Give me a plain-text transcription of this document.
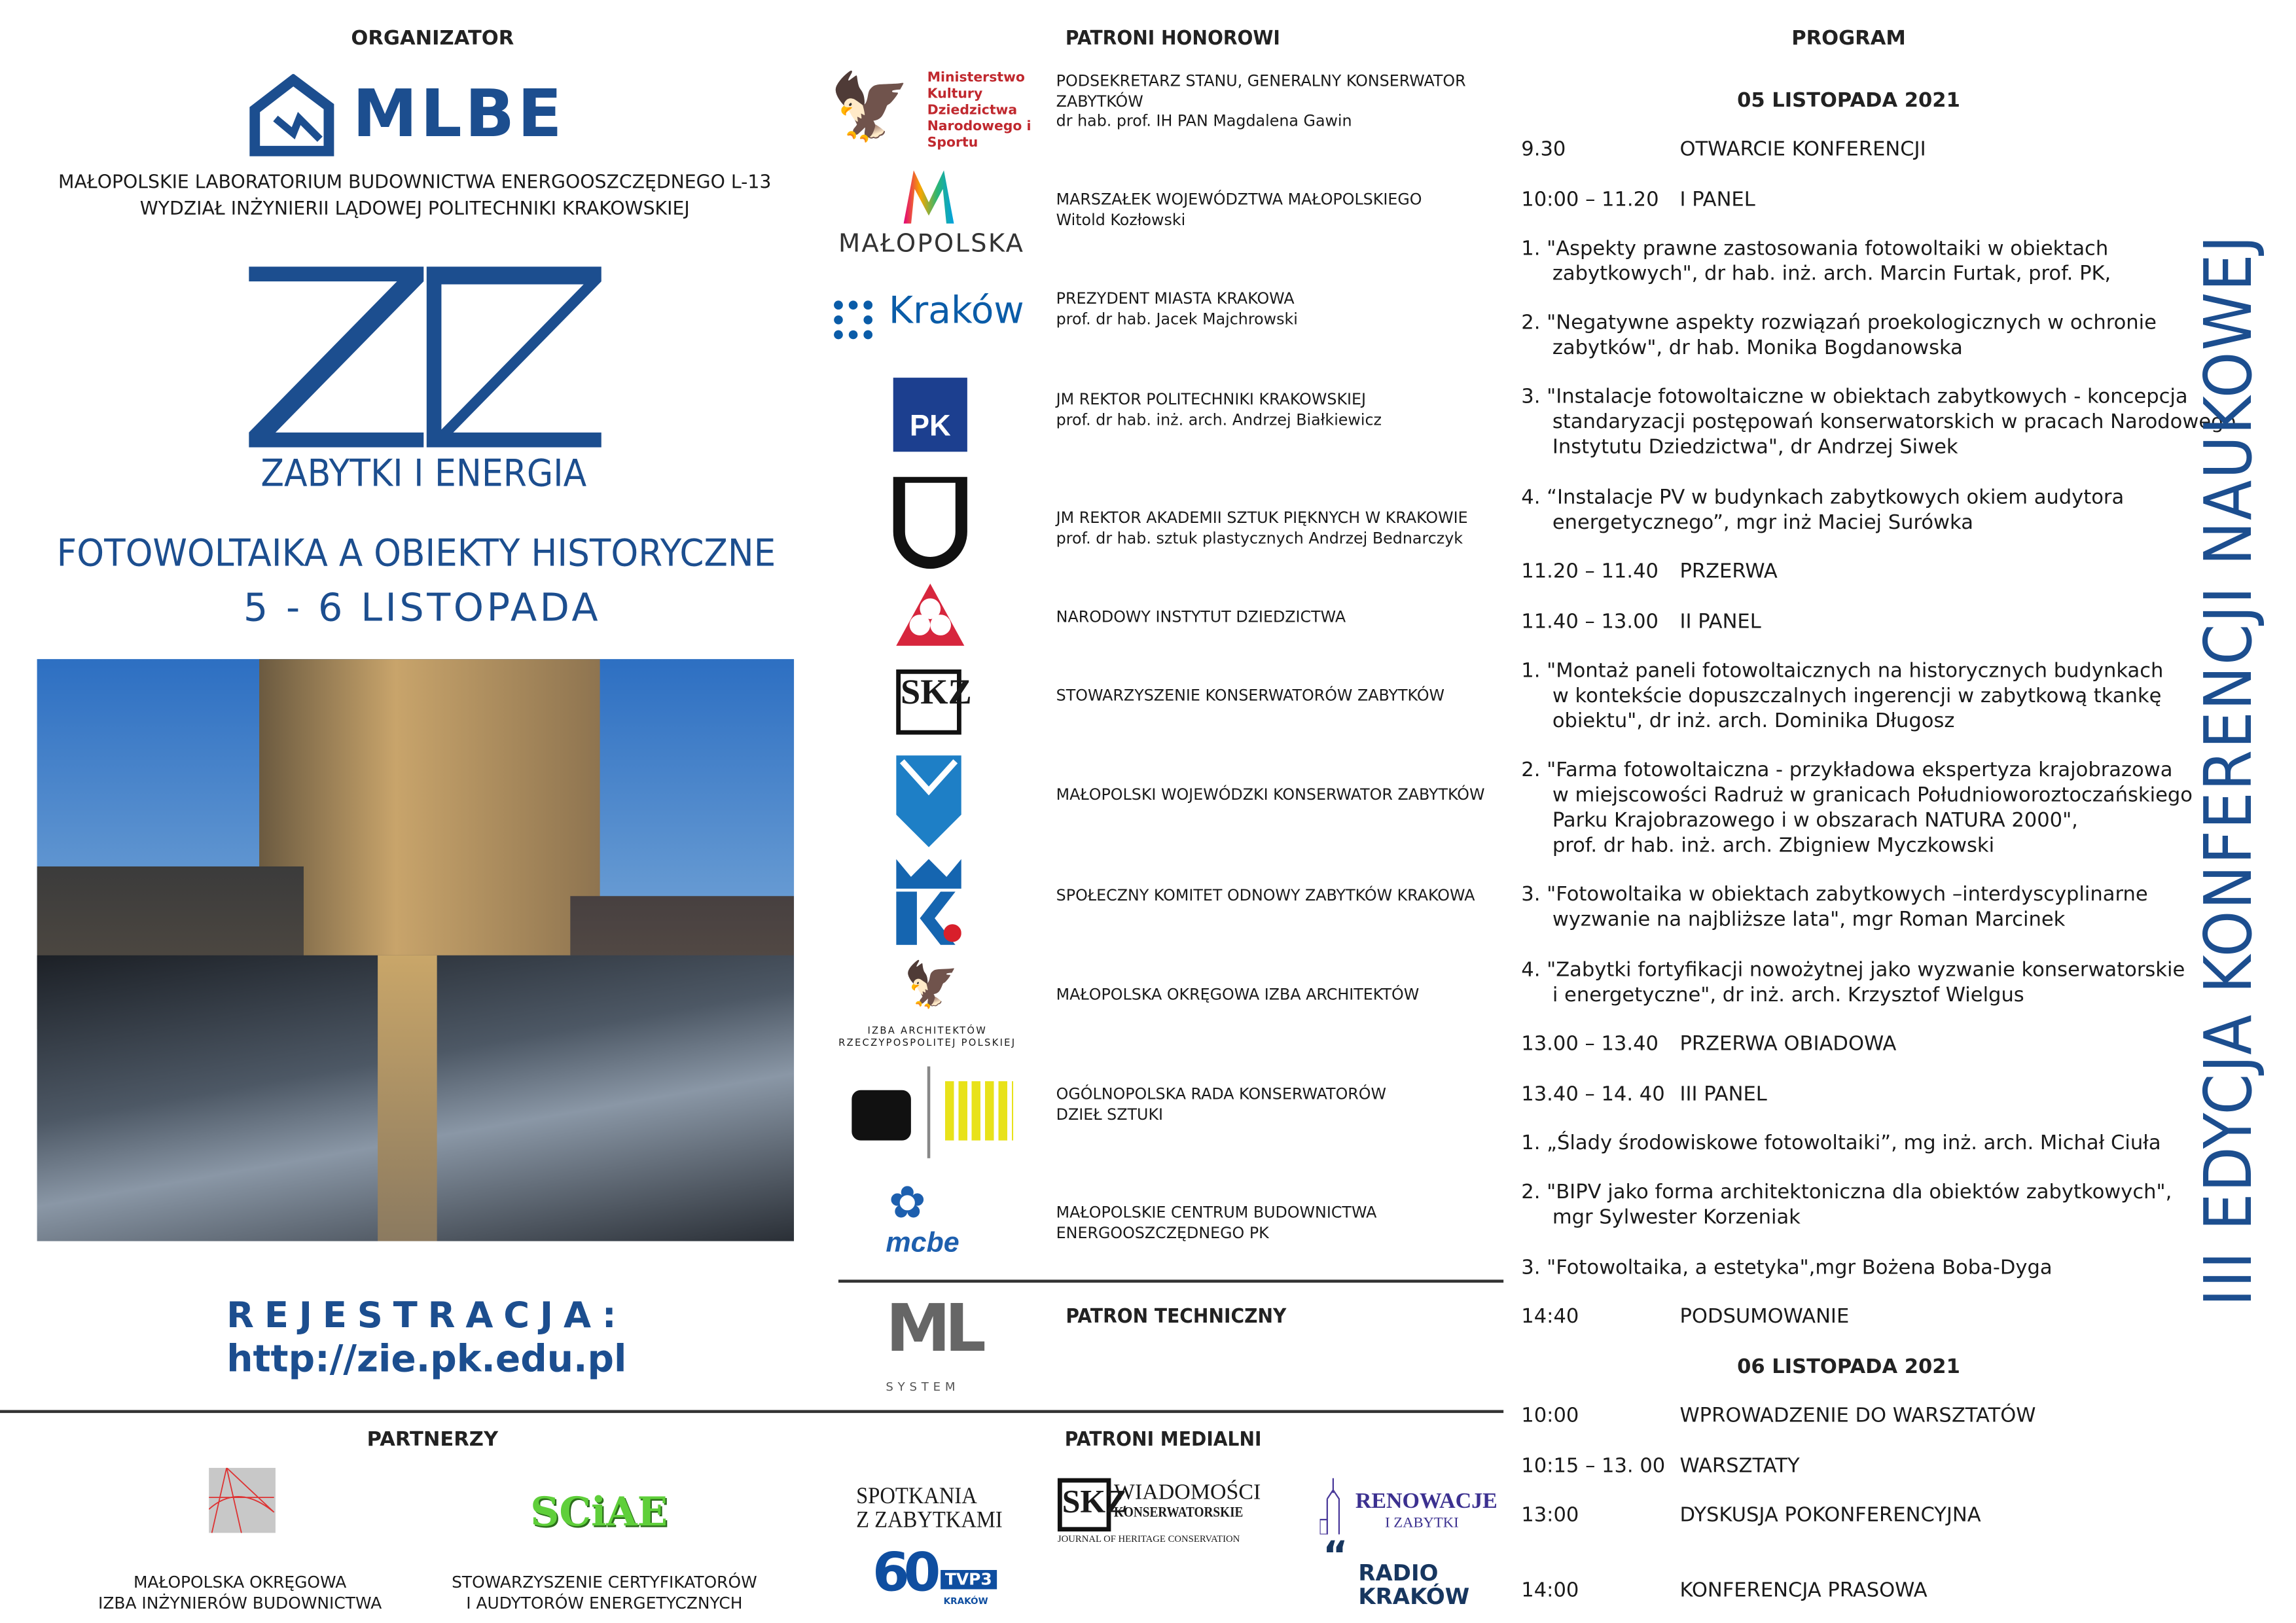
ORGANIZATOR
MLBE
MAŁOPOLSKIE LABORATORIUM BUDOWNICTWA ENERGOOSZCZĘDNEGO L-13
WYDZIAŁ INŻYNIERII LĄDOWEJ POLITECHNIKI KRAKOWSKIEJ
ZABYTKI I ENERGIA
FOTOWOLTAIKA A OBIEKTY HISTORYCZNE
5 - 6 LISTOPADA
REJESTRACJA:
http://zie.pk.edu.pl
PATRONI HONOROWI
PODSEKRETARZ STANU, GENERALNY KONSERWATOR
ZABYTKÓW
dr hab. prof. IH PAN Magdalena Gawin
🦅	Ministerstwo Kultury Dziedzictwa Narodowego i Sportu
MARSZAŁEK WOJEWÓDZTWA MAŁOPOLSKIEGO
Witold Kozłowski
MAŁOPOLSKA
PREZYDENT MIASTA KRAKOWA
prof. dr hab. Jacek Majchrowski
Kraków
JM REKTOR POLITECHNIKI KRAKOWSKIEJ
prof. dr hab. inż. arch. Andrzej Białkiewicz
PK
JM REKTOR AKADEMII SZTUK PIĘKNYCH W KRAKOWIE
prof. dr hab. sztuk plastycznych Andrzej Bednarczyk
NARODOWY INSTYTUT DZIEDZICTWA
STOWARZYSZENIE KONSERWATORÓW ZABYTKÓW
SKZ
MAŁOPOLSKI WOJEWÓDZKI KONSERWATOR ZABYTKÓW
SPOŁECZNY KOMITET ODNOWY ZABYTKÓW KRAKOWA
MAŁOPOLSKA OKRĘGOWA IZBA ARCHITEKTÓW
🦅
IZBA ARCHITEKTÓW RZECZYPOSPOLITEJ POLSKIEJ
OGÓLNOPOLSKA RADA KONSERWATORÓW
DZIEŁ SZTUKI
MAŁOPOLSKIE CENTRUM BUDOWNICTWA
ENERGOOSZCZĘDNEGO PK
✿
mcbe
PATRON TECHNICZNY
ML
SYSTEM
PARTNERZY
SCiAE
MAŁOPOLSKA OKRĘGOWA
IZBA INŻYNIERÓW BUDOWNICTWA
STOWARZYSZENIE CERTYFIKATORÓW
I AUDYTORÓW ENERGETYCZNYCH
PATRONI MEDIALNI
SPOTKANIA
Z ZABYTKAMI
SKZ
WIADOMOŚCI
KONSERWATORSKIE
JOURNAL OF HERITAGE CONSERVATION
RENOWACJE
I ZABYTKI
60	TVP3
KRAKÓW
“ RADIO
KRAKÓW
PROGRAM
05 LISTOPADA 2021
06 LISTOPADA 2021
9.30	OTWARCIE KONFERENCJI
10:00 – 11.20 I PANEL
1. "Aspekty prawne zastosowania fotowoltaiki w obiektach
zabytkowych", dr hab. inż. arch. Marcin Furtak, prof. PK,
2. "Negatywne aspekty rozwiązań proekologicznych w ochronie
zabytków", dr hab. Monika Bogdanowska
3. "Instalacje fotowoltaiczne w obiektach zabytkowych - koncepcja
standaryzacji postępowań konserwatorskich w pracach Narodowego
Instytutu Dziedzictwa", dr Andrzej Siwek
4. “Instalacje PV w budynkach zabytkowych okiem audytora
energetycznego”, mgr inż Maciej Surówka
11.20 – 11.40 PRZERWA
11.40 – 13.00 II PANEL
1. "Montaż paneli fotowoltaicznych na historycznych budynkach
w kontekście dopuszczalnych ingerencji w zabytkową tkankę
obiektu", dr inż. arch. Dominika Długosz
2. "Farma fotowoltaiczna - przykładowa ekspertyza krajobrazowa
w miejscowości Radruż w granicach Południoworoztoczańskiego
Parku Krajobrazowego i w obszarach NATURA 2000",
prof. dr hab. inż. arch. Zbigniew Myczkowski
3. "Fotowoltaika w obiektach zabytkowych –interdyscyplinarne
wyzwanie na najbliższe lata", mgr Roman Marcinek
4. "Zabytki fortyfikacji nowożytnej jako wyzwanie konserwatorskie
i energetyczne", dr inż. arch. Krzysztof Wielgus
13.00 – 13.40 PRZERWA OBIADOWA
13.40 – 14. 40 III PANEL
1. „Ślady środowiskowe fotowoltaiki”, mg inż. arch. Michał Ciuła
2. "BIPV jako forma architektoniczna dla obiektów zabytkowych",
mgr Sylwester Korzeniak
3. "Fotowoltaika, a estetyka",mgr Bożena Boba-Dyga
14:40	PODSUMOWANIE
10:00	WPROWADZENIE DO WARSZTATÓW
10:15 – 13. 00 WARSZTATY
13:00	DYSKUSJA POKONFERENCYJNA
14:00	KONFERENCJA PRASOWA
III EDYCJA KONFERENCJI NAUKOWEJ
